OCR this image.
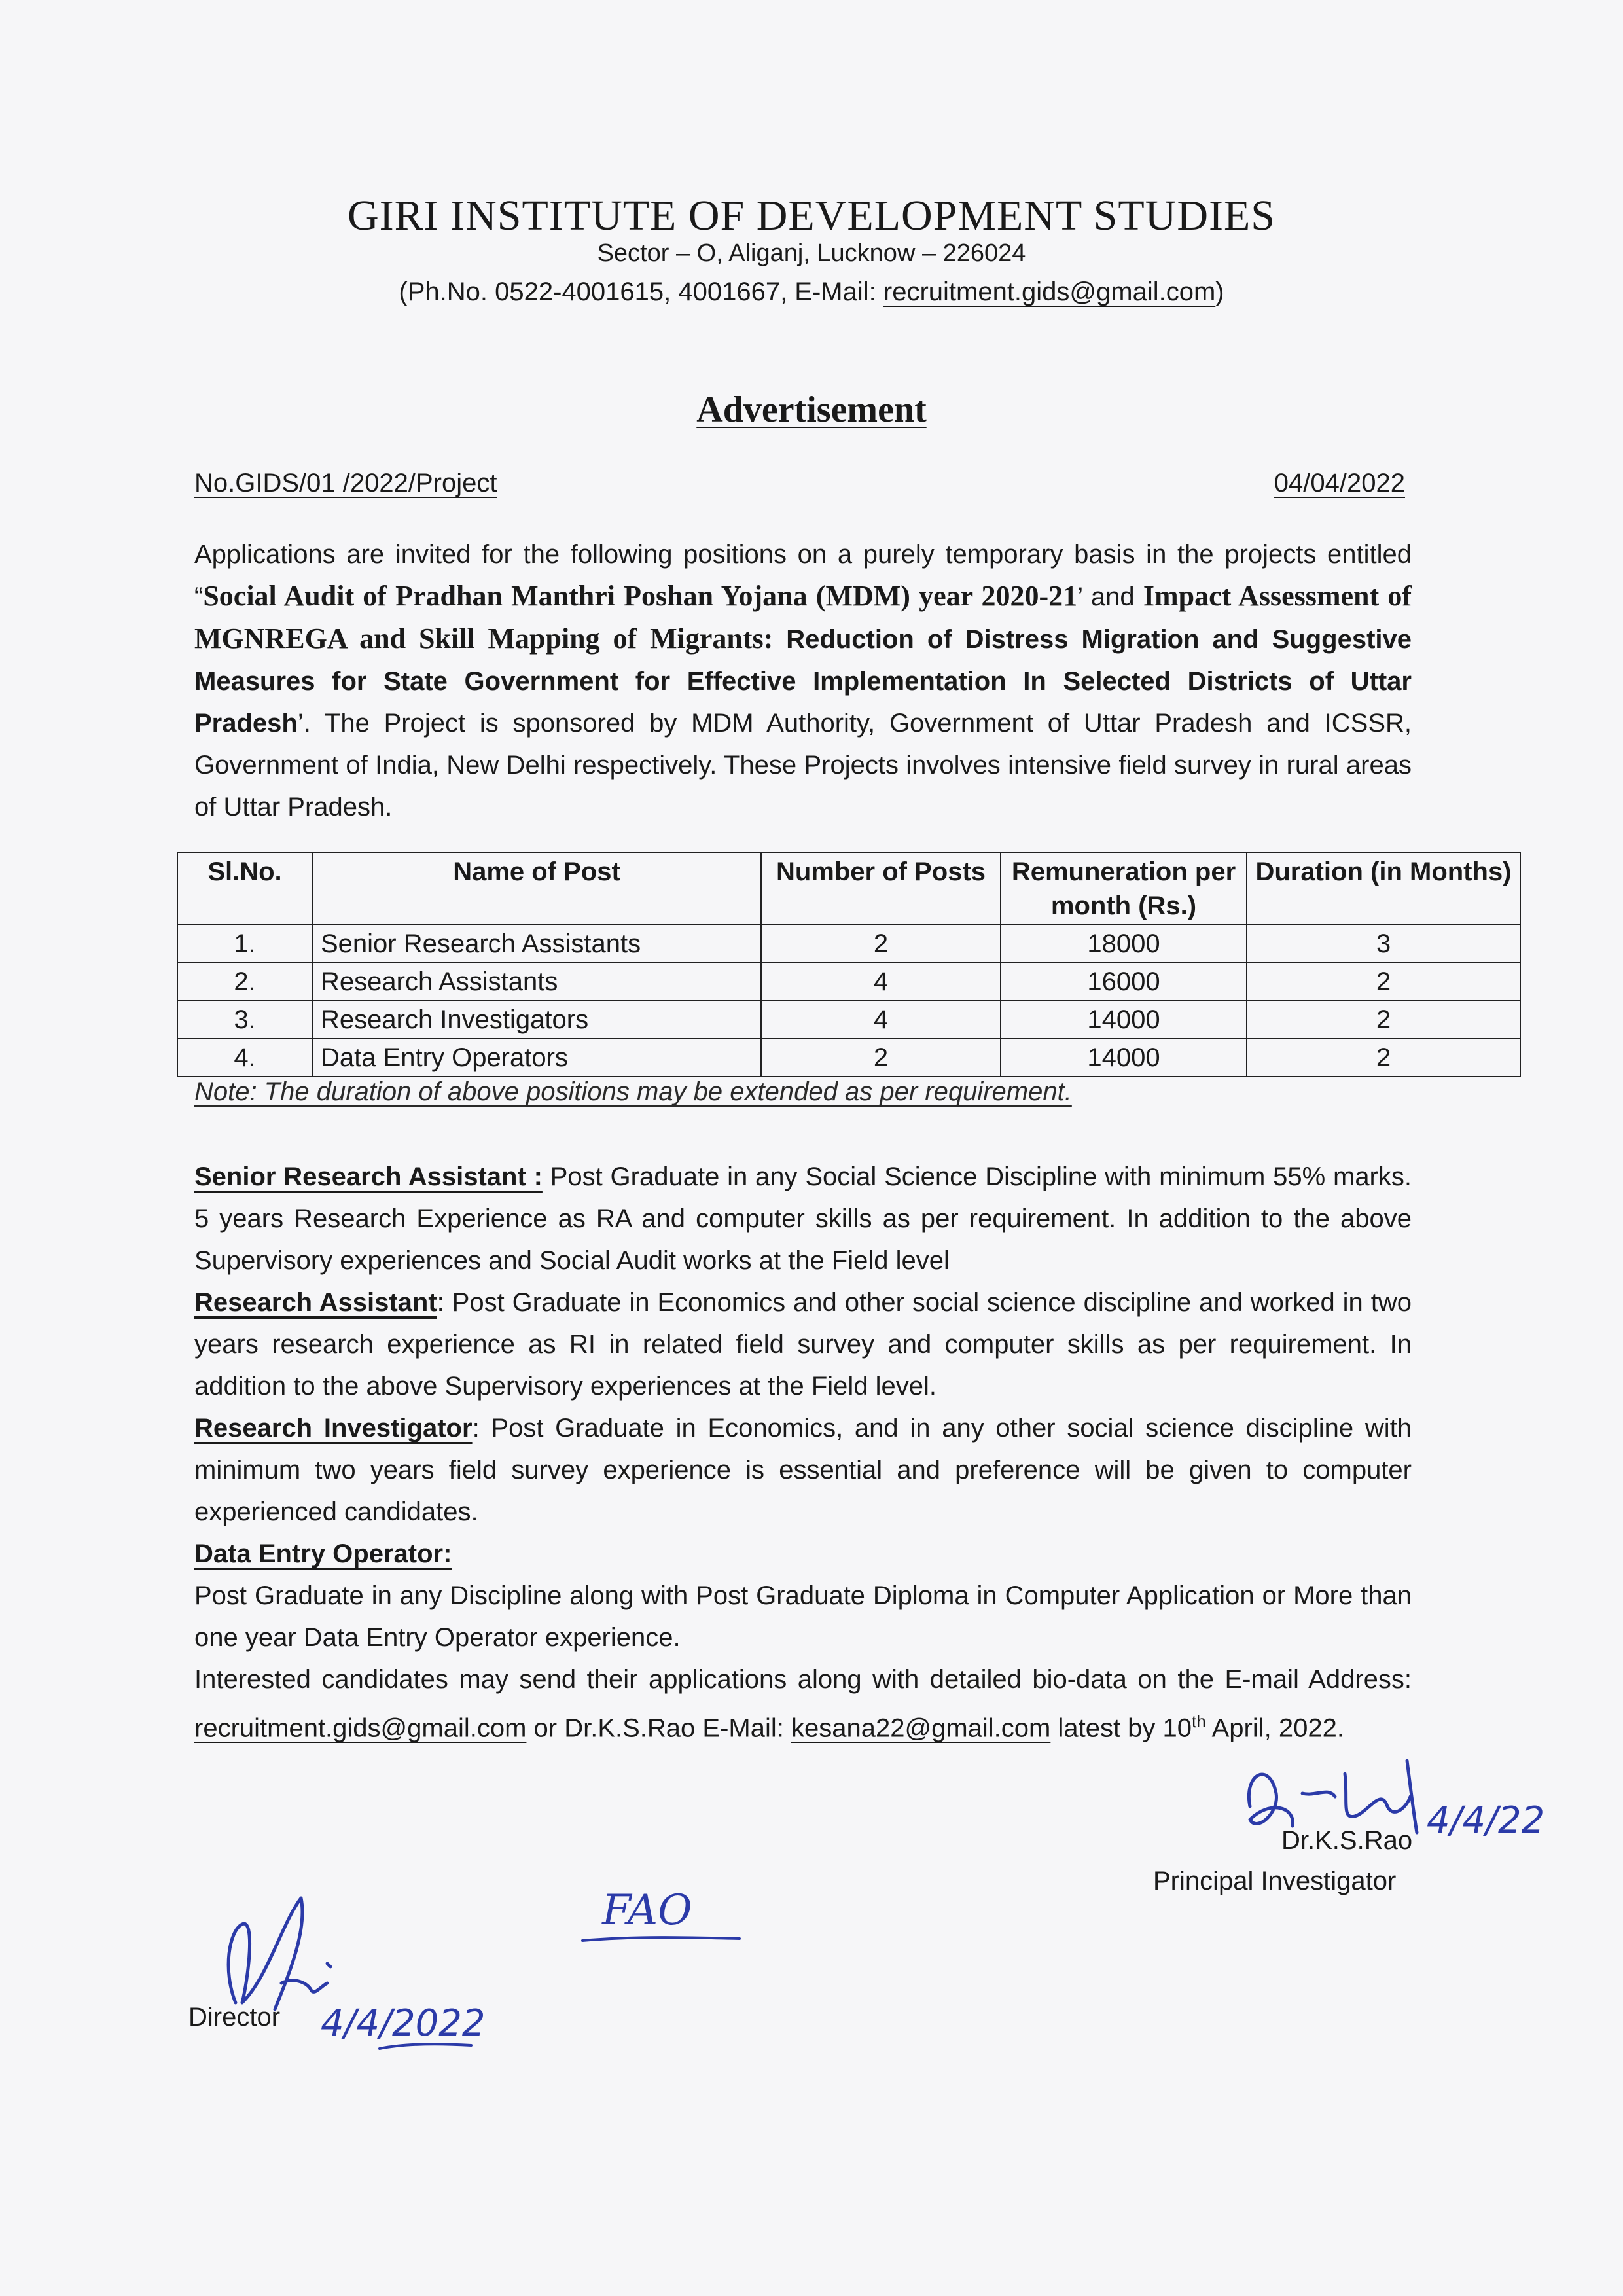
GIRI INSTITUTE OF DEVELOPMENT STUDIES
Sector – O, Aliganj, Lucknow – 226024
(Ph.No. 0522-4001615, 4001667, E-Mail: recruitment.gids@gmail.com)
Advertisement
No.GIDS/01 /2022/Project	04/04/2022
Applications are invited for the following positions on a purely temporary basis in the projects entitled “Social Audit of Pradhan Manthri Poshan Yojana (MDM) year 2020-21’ and Impact Assessment of MGNREGA and Skill Mapping of Migrants: Reduction of Distress Migration and Suggestive Measures for State Government for Effective Implementation In Selected Districts of Uttar Pradesh’. The Project is sponsored by MDM Authority, Government of Uttar Pradesh and ICSSR, Government of India, New Delhi respectively. These Projects involves intensive field survey in rural areas of Uttar Pradesh.
Sl.No.	Name of Post	Number of Posts	Remuneration per month (Rs.)	Duration (in Months)
1.	Senior Research Assistants	2	18000	3
2.	Research Assistants	4	16000	2
3.	Research Investigators	4	14000	2
4.	Data Entry Operators	2	14000	2
Note: The duration of above positions may be extended as per requirement.
Senior Research Assistant : Post Graduate in any Social Science Discipline with minimum 55% marks. 5 years Research Experience as RA and computer skills as per requirement. In addition to the above Supervisory experiences and Social Audit works at the Field level
Research Assistant: Post Graduate in Economics and other social science discipline and worked in two years research experience as RI in related field survey and computer skills as per requirement. In addition to the above Supervisory experiences at the Field level.
Research Investigator: Post Graduate in Economics, and in any other social science discipline with minimum two years field survey experience is essential and preference will be given to computer experienced candidates.
Data Entry Operator:
Post Graduate in any Discipline along with Post Graduate Diploma in Computer Application or More than one year Data Entry Operator experience.
Interested candidates may send their applications along with detailed bio-data on the E-mail Address: recruitment.gids@gmail.com or Dr.K.S.Rao E-Mail: kesana22@gmail.com latest by 10th April, 2022.
4/4/22
Dr.K.S.Rao
Principal Investigator
FAO
4/4/2022
Director
